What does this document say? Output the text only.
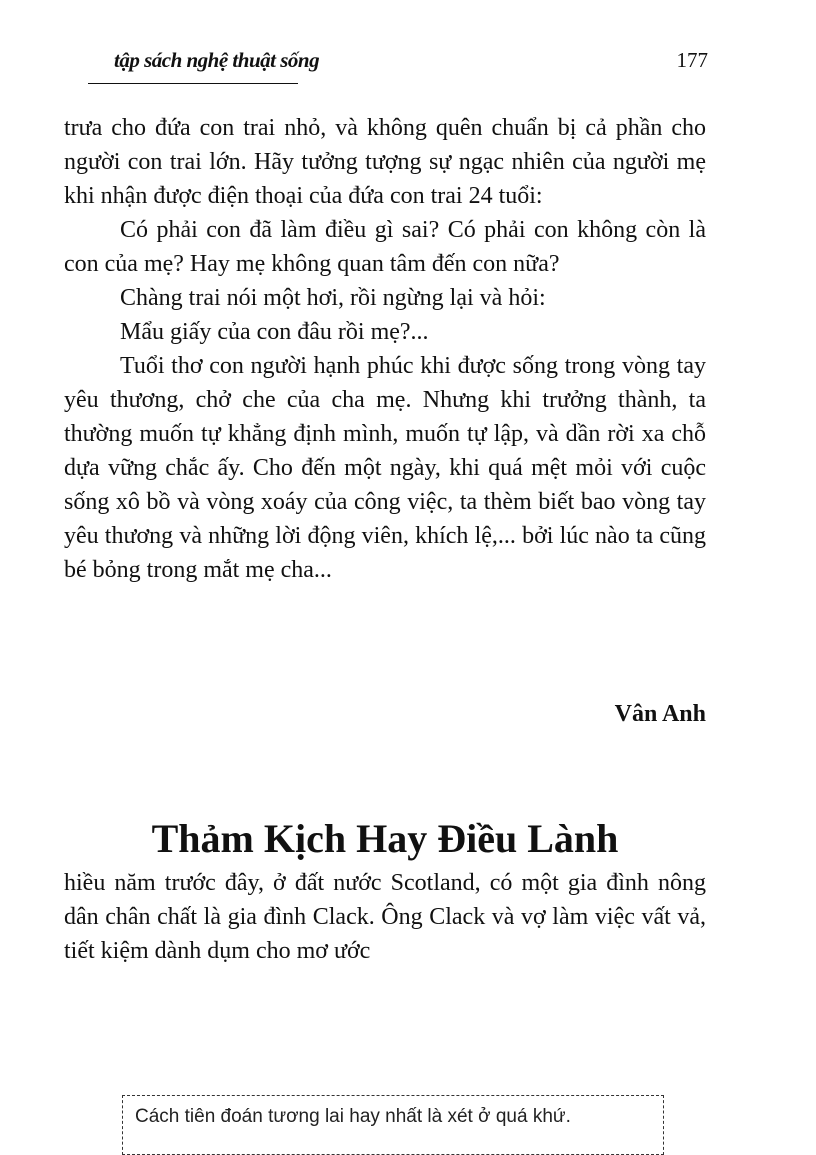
tập sách nghệ thuật sống	177

trưa cho đứa con trai nhỏ, và không quên chuẩn bị cả phần cho người con trai lớn. Hãy tưởng tượng sự ngạc nhiên của người mẹ khi nhận được điện thoại của đứa con trai 24 tuổi:

Có phải con đã làm điều gì sai? Có phải con không còn là con của mẹ? Hay mẹ không quan tâm đến con nữa?

Chàng trai nói một hơi, rồi ngừng lại và hỏi:

Mẩu giấy của con đâu rồi mẹ?...

Tuổi thơ con người hạnh phúc khi được sống trong vòng tay yêu thương, chở che của cha mẹ. Nhưng khi trưởng thành, ta thường muốn tự khẳng định mình, muốn tự lập, và dần rời xa chỗ dựa vững chắc ấy. Cho đến một ngày, khi quá mệt mỏi với cuộc sống xô bồ và vòng xoáy của công việc, ta thèm biết bao vòng tay yêu thương và những lời động viên, khích lệ,... bởi lúc nào ta cũng bé bỏng trong mắt mẹ cha...

Vân Anh
Thảm Kịch Hay Điều Lành

hiều năm trước đây, ở đất nước Scotland, có một gia đình nông dân chân chất là gia đình Clack. Ông Clack và vợ làm việc vất vả, tiết kiệm dành dụm cho mơ ước

Cách tiên đoán tương lai hay nhất là xét ở quá khứ.
